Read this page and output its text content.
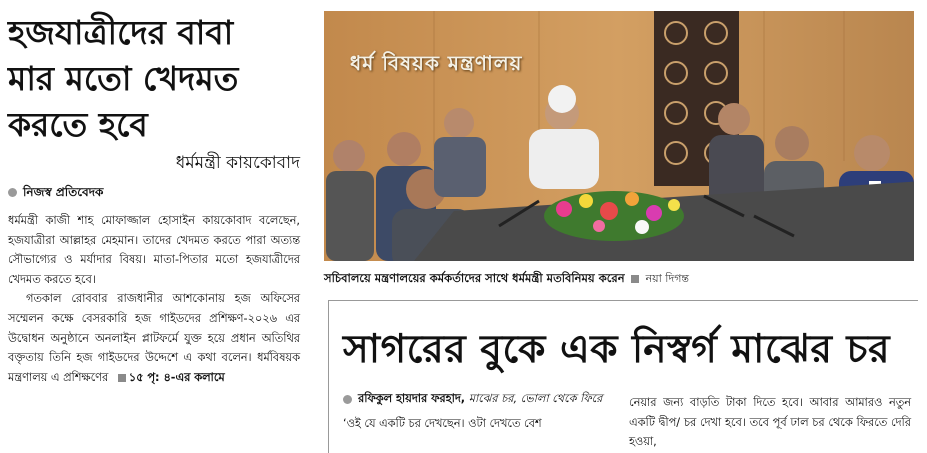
হজযাত্রীদের বাবা
মার মতো খেদমত
করতে হবে
ধর্মমন্ত্রী কায়কোবাদ
নিজস্ব প্রতিবেদক

ধর্মমন্ত্রী কাজী শাহ মোফাজ্জাল হোসাইন কায়কোবাদ বলেছেন, হজযাত্রীরা আল্লাহর মেহমান। তাদের খেদমত করতে পারা অত্যন্ত সৌভাগ্যের ও মর্যাদার বিষয়। মাতা-পিতার মতো হজযাত্রীদের খেদমত করতে হবে।

গতকাল রোববার রাজধানীর আশকোনায় হজ অফিসের সম্মেলন কক্ষে বেসরকারি হজ গাইডদের প্রশিক্ষণ-২০২৬ এর উদ্বোধন অনুষ্ঠানে অনলাইন প্লাটফর্মে যুক্ত হয়ে প্রধান অতিথির বক্তৃতায় তিনি হজ গাইডদের উদ্দেশে এ কথা বলেন। ধর্মবিষয়ক মন্ত্রণালয় এ প্রশিক্ষণের ১৫ পৃ: ৪-এর কলামে

ধর্ম বিষয়ক মন্ত্রণালয়
সচিবালয়ে মন্ত্রণালয়ের কর্মকর্তাদের সাথে ধর্মমন্ত্রী মতবিনিময় করেন নয়া দিগন্ত
সাগরের বুকে এক নিস্বর্গ মাঝের চর
রফিকুল হায়দার ফরহাদ, মাঝের চর, ভোলা থেকে ফিরে
‘ওই যে একটি চর দেখছেন। ওটা দেখতে বেশ
নেয়ার জন্য বাড়তি টাকা দিতে হবে। আবার আমারও নতুন একটি দ্বীপ/ চর দেখা হবে। তবে পূর্ব ঢাল চর থেকে ফিরতে দেরি হওয়া,
